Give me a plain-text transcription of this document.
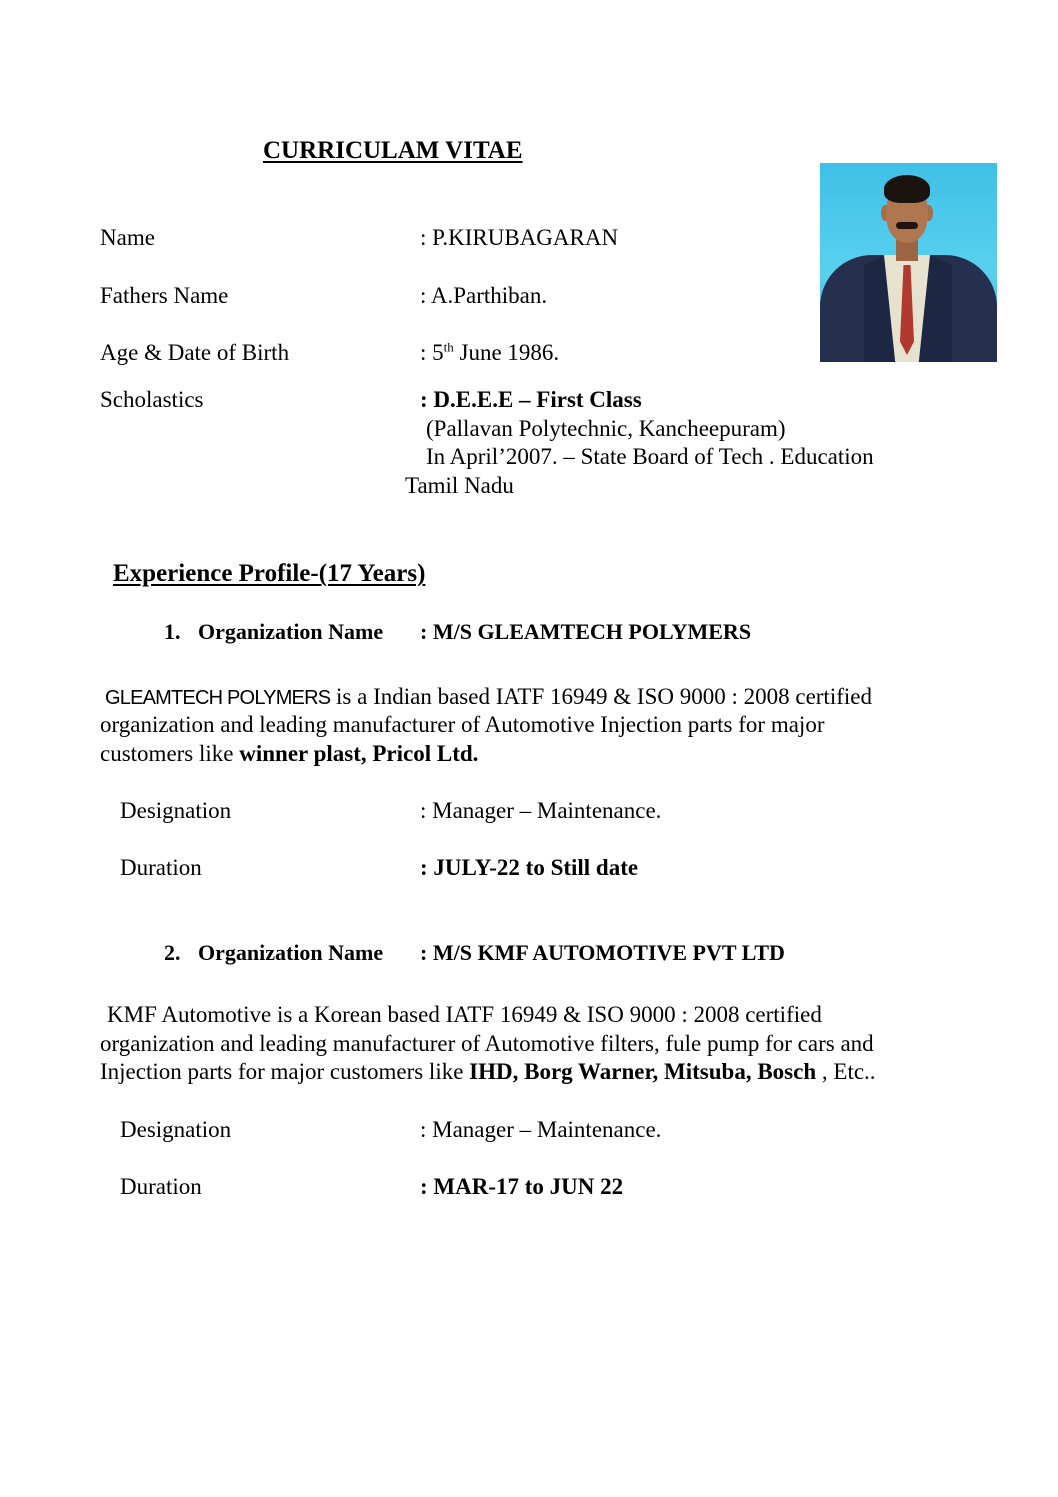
CURRICULAM VITAE
Name	: P.KIRUBAGARAN
Fathers Name	: A.Parthiban.
Age & Date of Birth	: 5th June 1986.
Scholastics	: D.E.E.E – First Class
(Pallavan Polytechnic, Kancheepuram)
In April’2007. – State Board of Tech . Education
Tamil Nadu
Experience Profile-(17 Years)
1. Organization Name : M/S GLEAMTECH POLYMERS
GLEAMTECH POLYMERS is a Indian based IATF 16949 & ISO 9000 : 2008 certified
organization and leading manufacturer of Automotive Injection parts for major
customers like winner plast, Pricol Ltd.
Designation	: Manager – Maintenance.
Duration	: JULY-22 to Still date
2. Organization Name : M/S KMF AUTOMOTIVE PVT LTD
KMF Automotive is a Korean based IATF 16949 & ISO 9000 : 2008 certified
organization and leading manufacturer of Automotive filters, fule pump for cars and
Injection parts for major customers like IHD, Borg Warner, Mitsuba, Bosch , Etc..
Designation	: Manager – Maintenance.
Duration	: MAR-17 to JUN 22
